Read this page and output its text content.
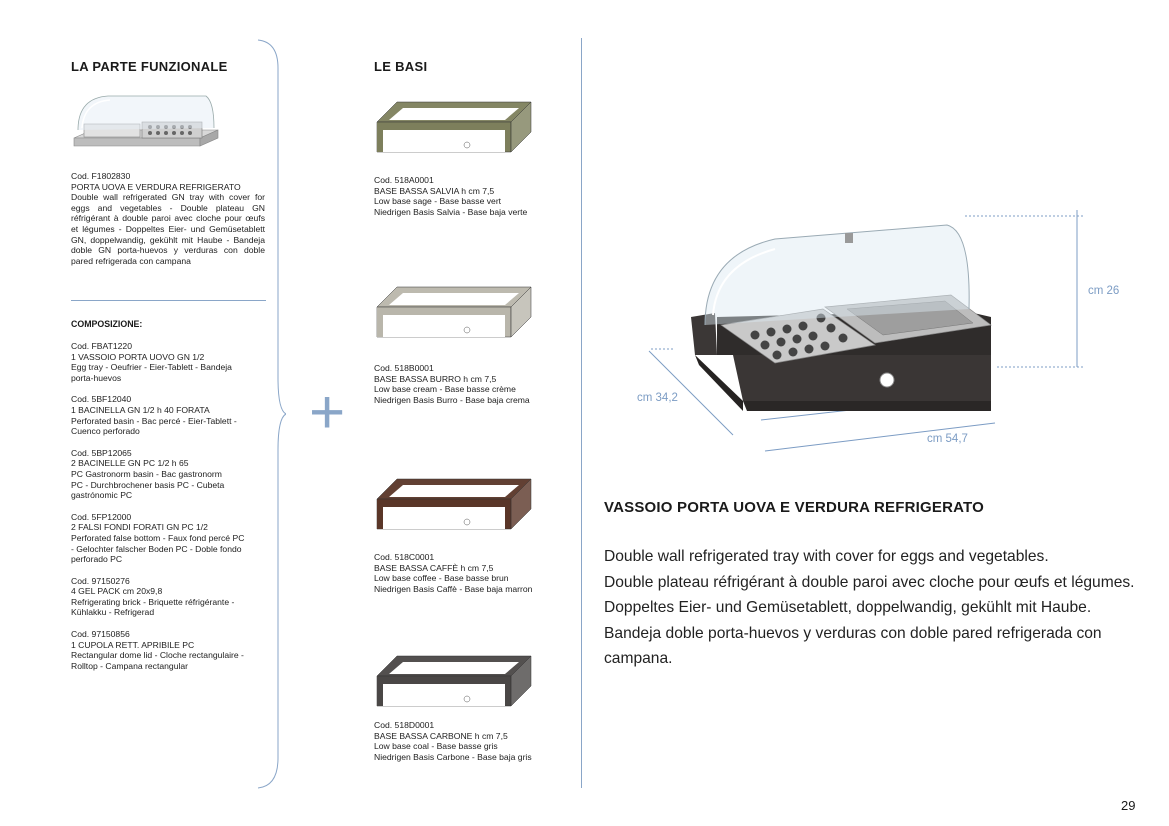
LA PARTE FUNZIONALE
Cod. F1802830
PORTA UOVA E VERDURA REFRIGERATO
Double wall refrigerated GN tray with cover for eggs and vegetables - Double plateau GN réfrigérant à double paroi avec cloche pour œufs et légumes - Doppeltes Eier- und Gemüsetablett GN, doppelwandig, gekühlt mit Haube - Bandeja doble GN porta-huevos y verduras con doble pared refrigerada con campana
COMPOSIZIONE:
Cod. FBAT1220
1 VASSOIO PORTA UOVO GN 1/2
Egg tray - Oeufrier - Eier-Tablett - Bandeja
porta-huevos
Cod. 5BF12040
1 BACINELLA GN 1/2 h 40 FORATA
Perforated basin - Bac percé - Eier-Tablett -
Cuenco perforado
Cod. 5BP12065
2 BACINELLE GN PC 1/2 h 65
PC Gastronorm basin - Bac gastronorm
PC - Durchbrochener basis PC - Cubeta
gastrónomic PC
Cod. 5FP12000
2 FALSI FONDI FORATI GN PC 1/2
Perforated false bottom - Faux fond percé PC
- Gelochter falscher Boden PC - Doble fondo
perforado PC
Cod. 97150276
4 GEL PACK cm 20x9,8
Refrigerating brick - Briquette réfrigérante -
Kühlakku - Refrigerad
Cod. 97150856
1 CUPOLA RETT. APRIBILE PC
Rectangular dome lid - Cloche rectangulaire -
Rolltop - Campana rectangular
+
LE BASI
Cod. 518A0001
BASE BASSA SALVIA h cm 7,5
Low base sage - Base basse vert
Niedrigen Basis Salvia - Base baja verte
Cod. 518B0001
BASE BASSA BURRO h cm 7,5
Low base cream - Base basse crème
Niedrigen Basis Burro - Base baja crema
Cod. 518C0001
BASE BASSA CAFFÈ h cm 7,5
Low base coffee - Base basse brun
Niedrigen Basis Caffè - Base baja marron
Cod. 518D0001
BASE BASSA CARBONE h cm 7,5
Low base coal - Base basse gris
Niedrigen Basis Carbone - Base baja gris
cm 26
cm 34,2
cm 54,7
VASSOIO PORTA UOVA E VERDURA REFRIGERATO
Double wall refrigerated tray with cover for eggs and vegetables.
Double plateau réfrigérant à double paroi avec cloche pour œufs et légumes.
Doppeltes Eier- und Gemüsetablett, doppelwandig, gekühlt mit Haube.
Bandeja doble porta-huevos y verduras con doble pared refrigerada con
campana.
29
